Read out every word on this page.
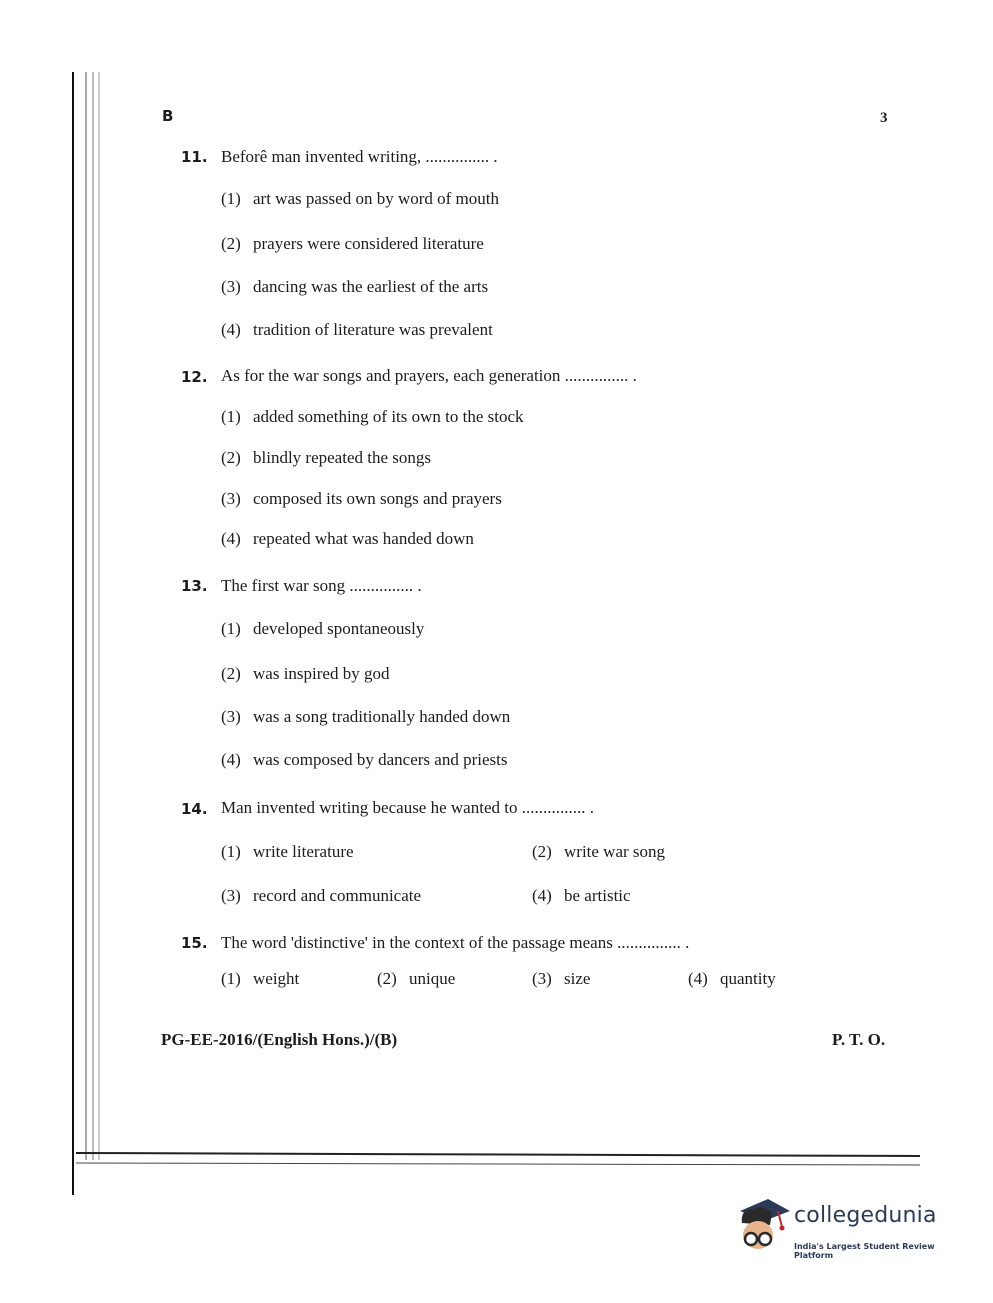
B	3
11. Beforê man invented writing, ............... .
(1) art was passed on by word of mouth
(2) prayers were considered literature
(3) dancing was the earliest of the arts
(4) tradition of literature was prevalent
12. As for the war songs and prayers, each generation ............... .
(1) added something of its own to the stock
(2) blindly repeated the songs
(3) composed its own songs and prayers
(4) repeated what was handed down
13. The first war song ............... .
(1) developed spontaneously
(2) was inspired by god
(3) was a song traditionally handed down
(4) was composed by dancers and priests
14. Man invented writing because he wanted to ............... .
(1) write literature	(2) write war song
(3) record and communicate	(4) be artistic
15. The word 'distinctive' in the context of the passage means ............... .
(1) weight	(2) unique	(3) size	(4) quantity
PG-EE-2016/(English Hons.)/(B)	P. T. O.
collegedunia
India's Largest Student Review Platform
